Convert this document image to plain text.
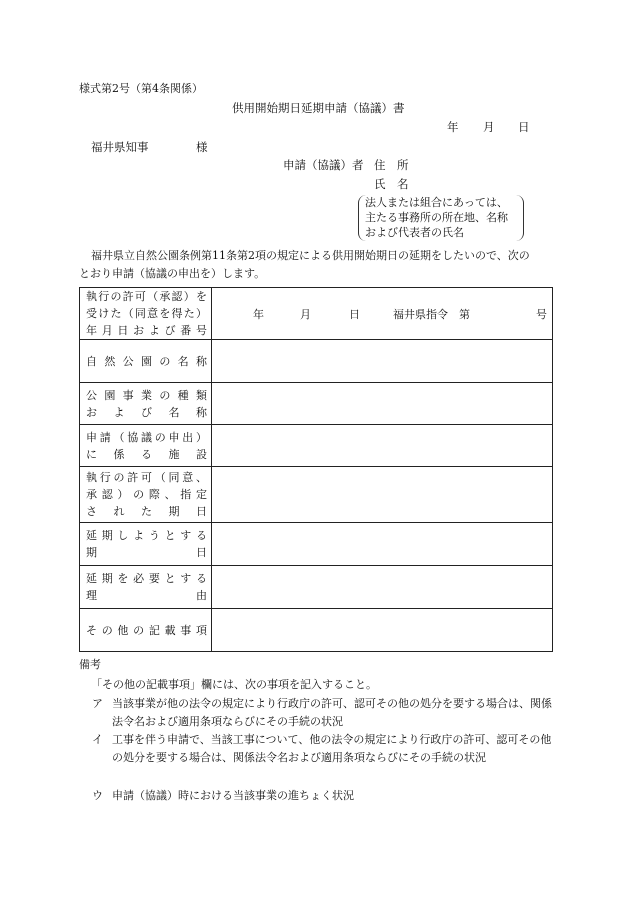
様式第2号（第4条関係）
供用開始期日延期申請（協議）書
年 月 日
福井県知事	様
申請（協議）者 住　所
氏　名
法人または組合にあっては、
主たる事務所の所在地、名称
および代表者の氏名
福井県立自然公園条例第11条第2項の規定による供用開始期日の延期をしたいので、次の
とおり申請（協議の申出を）します。
執行の許可（承認）を
受けた（同意を得た）
年月日および番号	年 月 日 福井県指令　第 号

自然公園の名称	

公園事業の種類
および名称	

申請（協議の申出）
に係る施設	

執行の許可（同意、
承認）の際、指定
された期日	

延期しようとする
期日	

延期を必要とする
理由	

その他の記載事項	

備考
「その他の記載事項」欄には、次の事項を記入すること。
ア 当該事業が他の法令の規定により行政庁の許可、認可その他の処分を要する場合は、関係法令名および適用条項ならびにその手続の状況
イ 工事を伴う申請で、当該工事について、他の法令の規定により行政庁の許可、認可その他の処分を要する場合は、関係法令名および適用条項ならびにその手続の状況
ウ 申請（協議）時における当該事業の進ちょく状況
